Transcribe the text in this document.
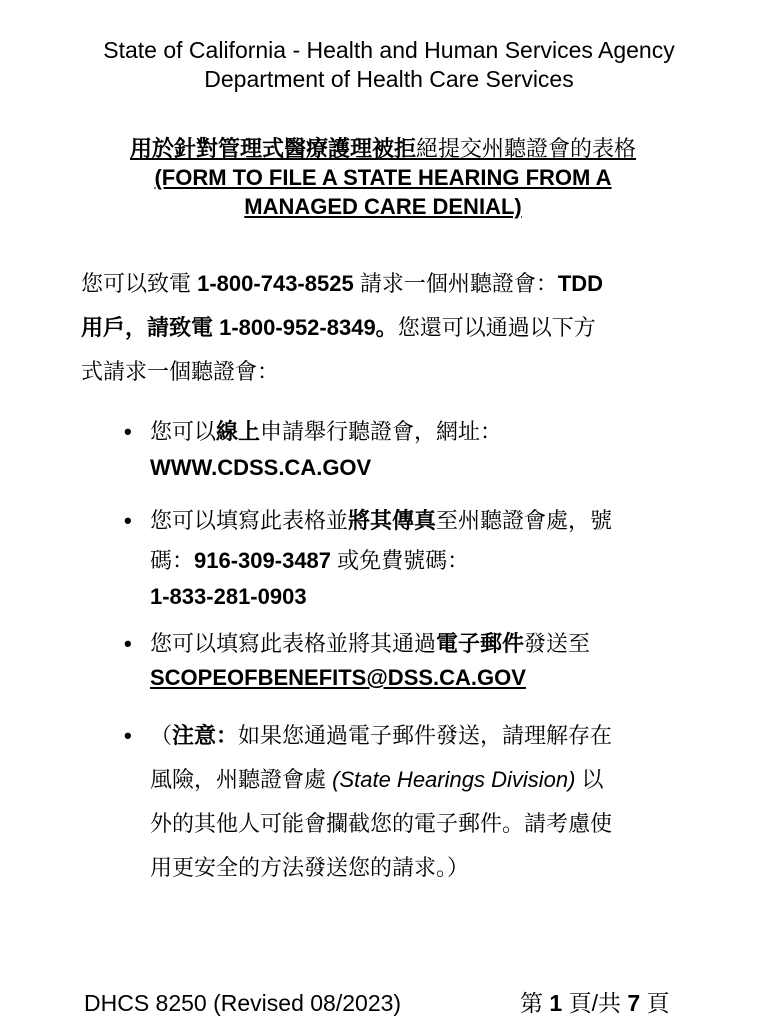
State of California - Health and Human Services Agency
Department of Health Care Services
用於針對管理式醫療護理被拒絕提交州聽證會的表格
(FORM TO FILE A STATE HEARING FROM A
MANAGED CARE DENIAL)
您可以致電 1-800-743-8525 請求一個州聽證會：TDD
用戶，請致電 1-800-952-8349。您還可以通過以下方
式請求一個聽證會：
• 您可以線上申請舉行聽證會，網址：
WWW.CDSS.CA.GOV
• 您可以填寫此表格並將其傳真至州聽證會處，號
碼：916-309-3487 或免費號碼：
1-833-281-0903
• 您可以填寫此表格並將其通過電子郵件發送至
SCOPEOFBENEFITS@DSS.CA.GOV
• （注意：如果您通過電子郵件發送，請理解存在
風險，州聽證會處 (State Hearings Division) 以
外的其他人可能會攔截您的電子郵件。請考慮使
用更安全的方法發送您的請求。）
DHCS 8250 (Revised 08/2023)	第 1 頁/共 7 頁
